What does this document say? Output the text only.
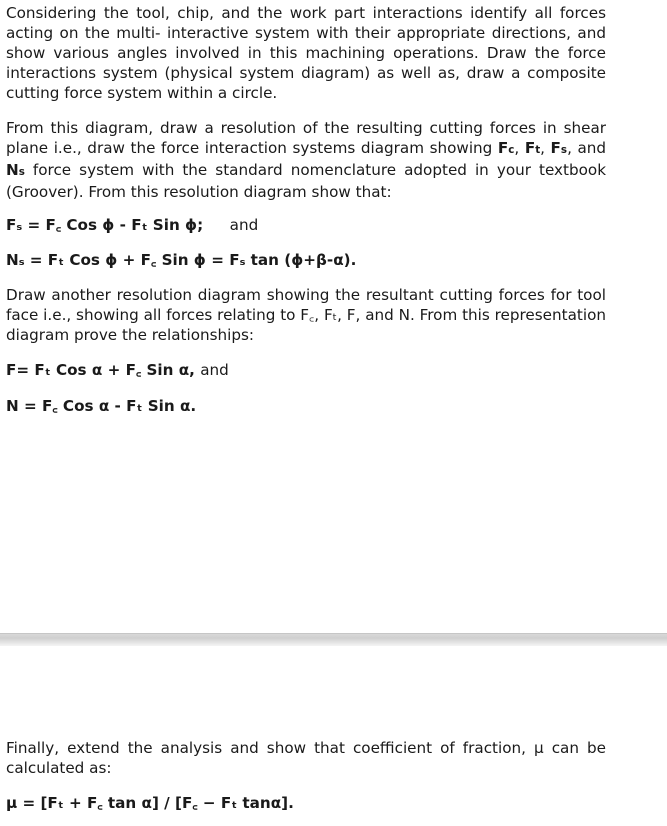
Considering the tool, chip, and the work part interactions identify all forces acting on the multi- interactive system with their appropriate directions, and show various angles involved in this machining operations. Draw the force interactions system (physical system diagram) as well as, draw a composite cutting force system within a circle.

From this diagram, draw a resolution of the resulting cutting forces in shear plane i.e., draw the force interaction systems diagram showing Fc, Ft, Fs, and Ns force system with the standard nomenclature adopted in your textbook (Groover). From this resolution diagram show that:

Fₛ = F꜀ Cos ϕ - Fₜ Sin ϕ; and

Nₛ = Fₜ Cos ϕ + F꜀ Sin ϕ = Fₛ tan (ϕ+β-α).

Draw another resolution diagram showing the resultant cutting forces for tool face i.e., showing all forces relating to F꜀, Fₜ, F, and N. From this representation diagram prove the relationships:

F= Fₜ Cos α + F꜀ Sin α, and

N = F꜀ Cos α - Fₜ Sin α.

Finally, extend the analysis and show that coefficient of fraction, μ can be calculated as:

μ = [Fₜ + F꜀ tan α] / [F꜀ − Fₜ tanα].
